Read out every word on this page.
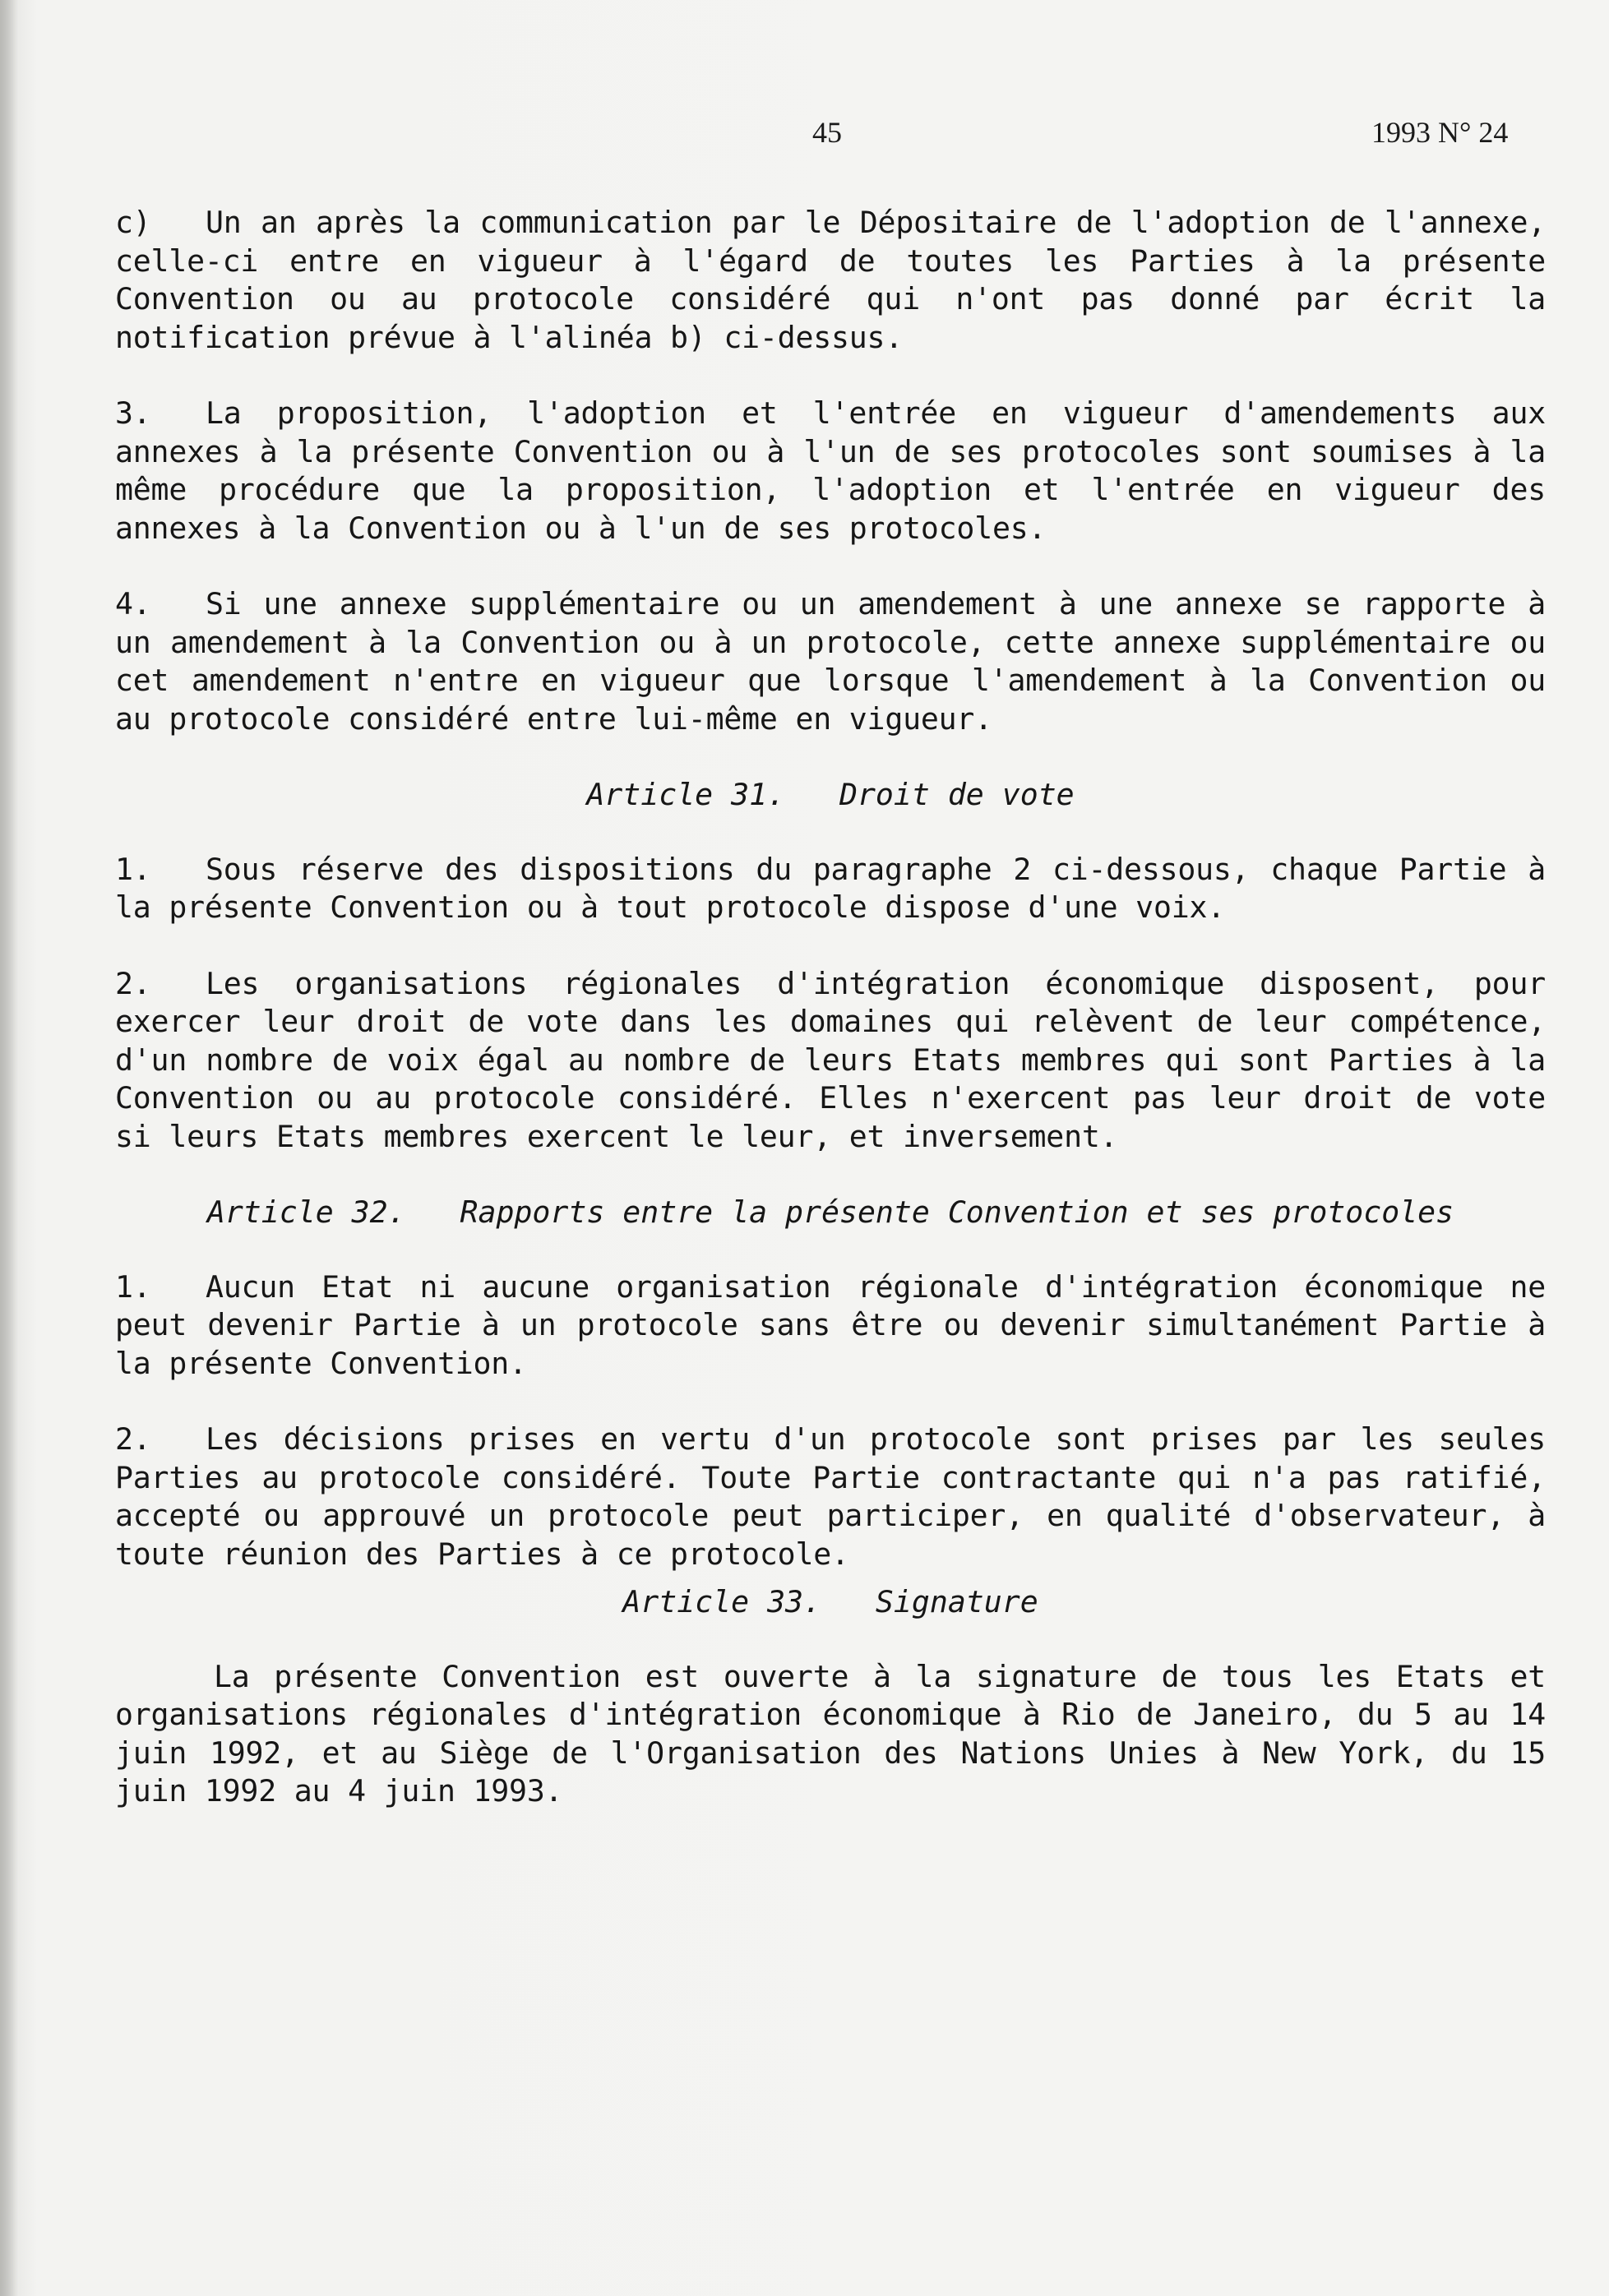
45	1993 N° 24

c) Un an après la communication par le Dépositaire de l'adoption de l'annexe, celle-ci entre en vigueur à l'égard de toutes les Parties à la présente Convention ou au protocole considéré qui n'ont pas donné par écrit la notification prévue à l'alinéa b) ci-dessus.

3. La proposition, l'adoption et l'entrée en vigueur d'amendements aux annexes à la présente Convention ou à l'un de ses protocoles sont soumises à la même procédure que la proposition, l'adoption et l'entrée en vigueur des annexes à la Convention ou à l'un de ses protocoles.

4. Si une annexe supplémentaire ou un amendement à une annexe se rapporte à un amendement à la Convention ou à un protocole, cette annexe supplémentaire ou cet amendement n'entre en vigueur que lorsque l'amendement à la Convention ou au protocole considéré entre lui-même en vigueur.

Article 31.   Droit de vote

1. Sous réserve des dispositions du paragraphe 2 ci-dessous, chaque Partie à la présente Convention ou à tout protocole dispose d'une voix.

2. Les organisations régionales d'intégration économique disposent, pour exercer leur droit de vote dans les domaines qui relèvent de leur compétence, d'un nombre de voix égal au nombre de leurs Etats membres qui sont Parties à la Convention ou au protocole considéré. Elles n'exercent pas leur droit de vote si leurs Etats membres exercent le leur, et inversement.

Article 32.   Rapports entre la présente Convention et ses protocoles

1. Aucun Etat ni aucune organisation régionale d'intégration économique ne peut devenir Partie à un protocole sans être ou devenir simultanément Partie à la présente Convention.

2. Les décisions prises en vertu d'un protocole sont prises par les seules Parties au protocole considéré. Toute Partie contractante qui n'a pas ratifié, accepté ou approuvé un protocole peut participer, en qualité d'observateur, à toute réunion des Parties à ce protocole.

Article 33.   Signature

La présente Convention est ouverte à la signature de tous les Etats et organisations régionales d'intégration économique à Rio de Janeiro, du 5 au 14 juin 1992, et au Siège de l'Organisation des Nations Unies à New York, du 15 juin 1992 au 4 juin 1993.
